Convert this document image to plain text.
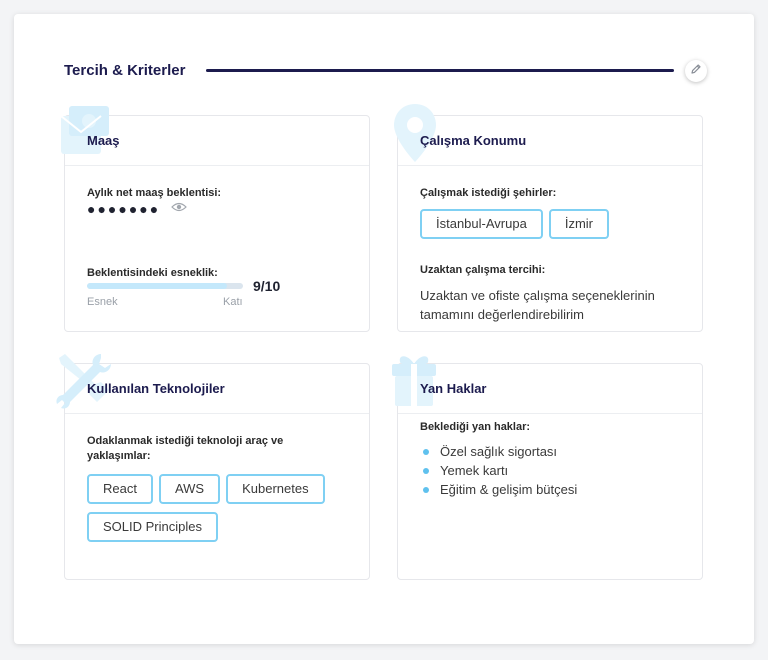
Tercih & Kriterler
Maaş
Aylık net maaş beklentisi:
●●●●●●●
Beklentisindeki esneklik:
9/10
Esnek	Katı
Çalışma Konumu
Çalışmak istediği şehirler:
İstanbul-Avrupa	İzmir
Uzaktan çalışma tercihi:
Uzaktan ve ofiste çalışma seçeneklerinin tamamını değerlendirebilirim
Kullanılan Teknolojiler
Odaklanmak istediği teknoloji araç ve yaklaşımlar:
React	AWS	KubernetesSOLID Principles
Yan Haklar
Beklediği yan haklar:
Özel sağlık sigortası
Yemek kartı
Eğitim & gelişim bütçesi
